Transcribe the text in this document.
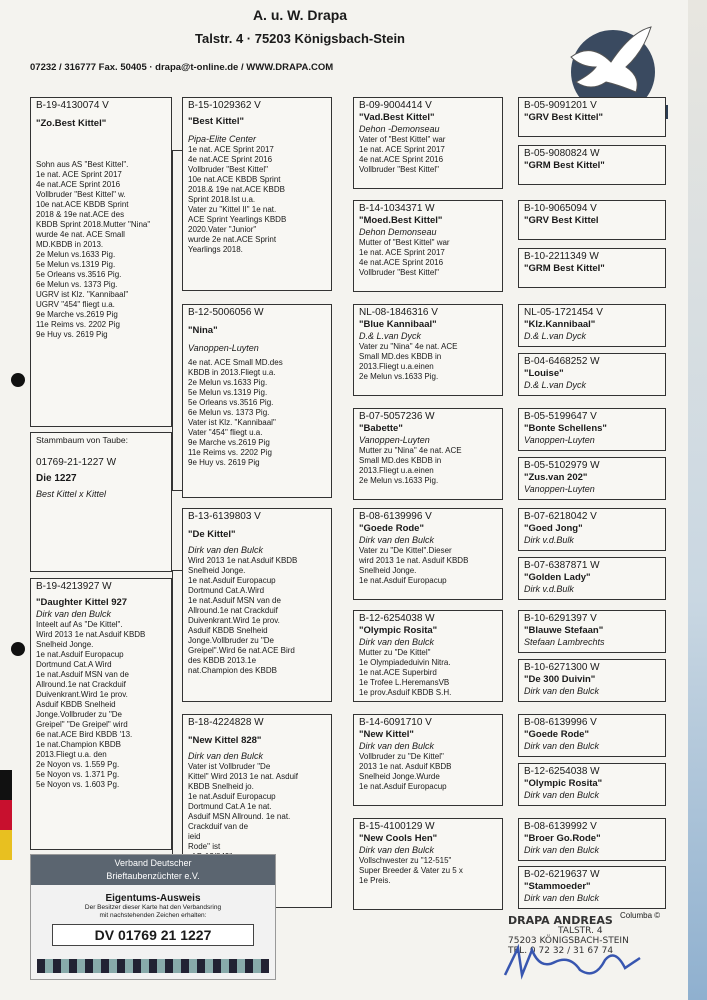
A. u. W. Drapa
Talstr. 4 · 75203 Königsbach-Stein
07232 / 316777 Fax. 50405 · drapa@t-online.de / WWW.DRAPA.COM
B-19-4130074 V
"Zo.Best Kittel"
Sohn aus AS "Best Kittel".
1e nat. ACE Sprint 2017
4e nat.ACE Sprint 2016
Vollbruder "Best Kittel" w.
10e nat.ACE KBDB Sprint
2018 & 19e nat.ACE des
KBDB Sprint 2018.Mutter "Nina"
wurde 4e nat. ACE Small
MD.KBDB in 2013.
2e Melun vs.1633 Pig.
5e Melun vs.1319 Pig.
5e Orleans vs.3516 Pig.
6e Melun vs. 1373 Pig.
UGRV ist Klz. "Kannibaal"
UGRV "454" fliegt u.a.
9e Marche vs.2619 Pig
11e Reims vs. 2202 Pig
9e Huy vs. 2619 Pig
Stammbaum von Taube:
01769-21-1227 W
Die 1227
Best Kittel x Kittel
B-19-4213927 W
"Daughter Kittel 927
Dirk van den Bulck
Inteelt auf As "De Kittel".
Wird 2013 1e nat.Asduif KBDB
Snelheid Jonge.
1e nat.Asduif Europacup
Dortmund Cat.A Wird
1e nat.Asduif MSN van de
Allround.1e nat Crackduif
Duivenkrant.Wird 1e prov.
Asduif KBDB Snelheid
Jonge.Vollbruder zu "De
Greipel" "De Greipel" wird
6e nat.ACE Bird KBDB '13.
1e nat.Champion KBDB
2013.Fliegt u.a. den
2e Noyon vs. 1.559 Pg.
5e Noyon vs. 1.371 Pg.
5e Noyon vs. 1.603 Pg.
B-15-1029362 V
"Best Kittel"
Pipa-Elite Center
1e nat. ACE Sprint 2017
4e nat.ACE Sprint 2016
Vollbruder "Best Kittel"
10e nat.ACE KBDB Sprint
2018.& 19e nat.ACE KBDB
Sprint 2018.Ist u.a.
Vater zu "Kittel II" 1e nat.
ACE Sprint Yearlings KBDB
2020.Vater "Junior"
wurde 2e nat.ACE Sprint
Yearlings 2018.
B-12-5006056 W
"Nina"
Vanoppen-Luyten
4e nat. ACE Small MD.des
KBDB in 2013.Fliegt u.a.
2e Melun vs.1633 Pig.
5e Melun vs.1319 Pig.
5e Orleans vs.3516 Pig.
6e Melun vs. 1373 Pig.
Vater ist Klz. "Kannibaal"
Vater "454" fliegt u.a.
9e Marche vs.2619 Pig
11e Reims vs. 2202 Pig
9e Huy vs. 2619 Pig
B-13-6139803 V
"De Kittel"
Dirk van den Bulck
Wird 2013 1e nat.Asduif KBDB
Snelheid Jonge.
1e nat.Asduif Europacup
Dortmund Cat.A.Wird
1e nat.Asduif MSN van de
Allround.1e nat Crackduif
Duivenkrant.Wird 1e prov.
Asduif KBDB Snelheid
Jonge.Vollbruder zu "De
Greipel".Wird 6e nat.ACE Bird
des KBDB 2013.1e
nat.Champion des KBDB
B-18-4224828 W
"New Kittel 828"
Dirk van den Bulck
Vater ist Vollbruder "De
Kittel" Wird 2013 1e nat. Asduif
KBDB Snelheid jo.
1e nat.Asduif Europacup
Dortmund Cat.A 1e nat.
Asduif MSN Allround. 1e nat.
Crackduif van de
ieid
Rode" ist

B-09-9004414 V
"Vad.Best Kittel"
Dehon -Demonseau
Vater of "Best Kittel" war
1e nat. ACE Sprint 2017
4e nat.ACE Sprint 2016
Vollbruder "Best Kittel"
B-14-1034371 W
"Moed.Best Kittel"
Dehon Demonseau
Mutter of "Best Kittel" war
1e nat. ACE Sprint 2017
4e nat.ACE Sprint 2016
Vollbruder "Best Kittel"
NL-08-1846316 V
"Blue Kannibaal"
D.& L.van Dyck
Vater zu "Nina" 4e nat. ACE
Small MD.des KBDB in
2013.Fliegt u.a.einen
2e Melun vs.1633 Pig.
B-07-5057236 W
"Babette"
Vanoppen-Luyten
Mutter zu "Nina" 4e nat. ACE
Small MD.des KBDB in
2013.Fliegt u.a.einen
2e Melun vs.1633 Pig.
B-08-6139996 V
"Goede Rode"
Dirk van den Bulck
Vater zu "De Kittel".Dieser
wird 2013 1e nat. Asduif KBDB
Snelheid Jonge.
1e nat.Asduif Europacup
B-12-6254038 W
"Olympic Rosita"
Dirk van den Bulck
Mutter zu "De Kittel"
1e Olympiadeduivin Nitra.
1e nat.ACE Superbird
1e Trofee L.HeremansVB
1e prov.Asduif KBDB S.H.
B-14-6091710 V
"New Kittel"
Dirk van den Bulck
Vollbruder zu "De Kittel"
2013 1e nat. Asduif KBDB
Snelheid Jonge.Wurde
1e nat.Asduif Europacup
B-15-4100129 W
"New Cools Hen"
Dirk van den Bulck
Vollschwester zu "12-515"
Super Breeder & Vater zu 5 x
1e Preis.
B-05-9091201 V
"GRV Best Kittel"
B-05-9080824 W
"GRM Best Kittel"
B-10-9065094 V
"GRV Best Kittel
B-10-2211349 W
"GRM Best Kittel"
NL-05-1721454 V
"Klz.Kannibaal"
D.& L.van Dyck
B-04-6468252 W
"Louise"
D.& L.van Dyck
B-05-5199647 V
"Bonte Schellens"
Vanoppen-Luyten
B-05-5102979 W
"Zus.van 202"
Vanoppen-Luyten
B-07-6218042 V
"Goed Jong"
Dirk v.d.Bulk
B-07-6387871 W
"Golden Lady"
Dirk v.d.Bulk
B-10-6291397 V
"Blauwe Stefaan"
Stefaan Lambrechts
B-10-6271300 W
"De 300 Duivin"
Dirk van den Bulck
B-08-6139996 V
"Goede Rode"
Dirk van den Bulck
B-12-6254038 W
"Olympic Rosita"
Dirk van den Bulck
B-08-6139992 V
"Broer Go.Rode"
Dirk van den Bulck
B-02-6219637 W
"Stammoeder"
Dirk van den Bulck
Verband Deutscher
Brieftaubenzüchter e.V.
Eigentums-Ausweis
Der Besitzer dieser Karte hat den Verbandsring
mit nachstehenden Zeichen erhalten:
DV 01769 21 1227
Columba ©
DRAPA ANDREAS
TALSTR. 4
75203 KÖNIGSBACH-STEIN
TEL. 0 72 32 / 31 67 74
